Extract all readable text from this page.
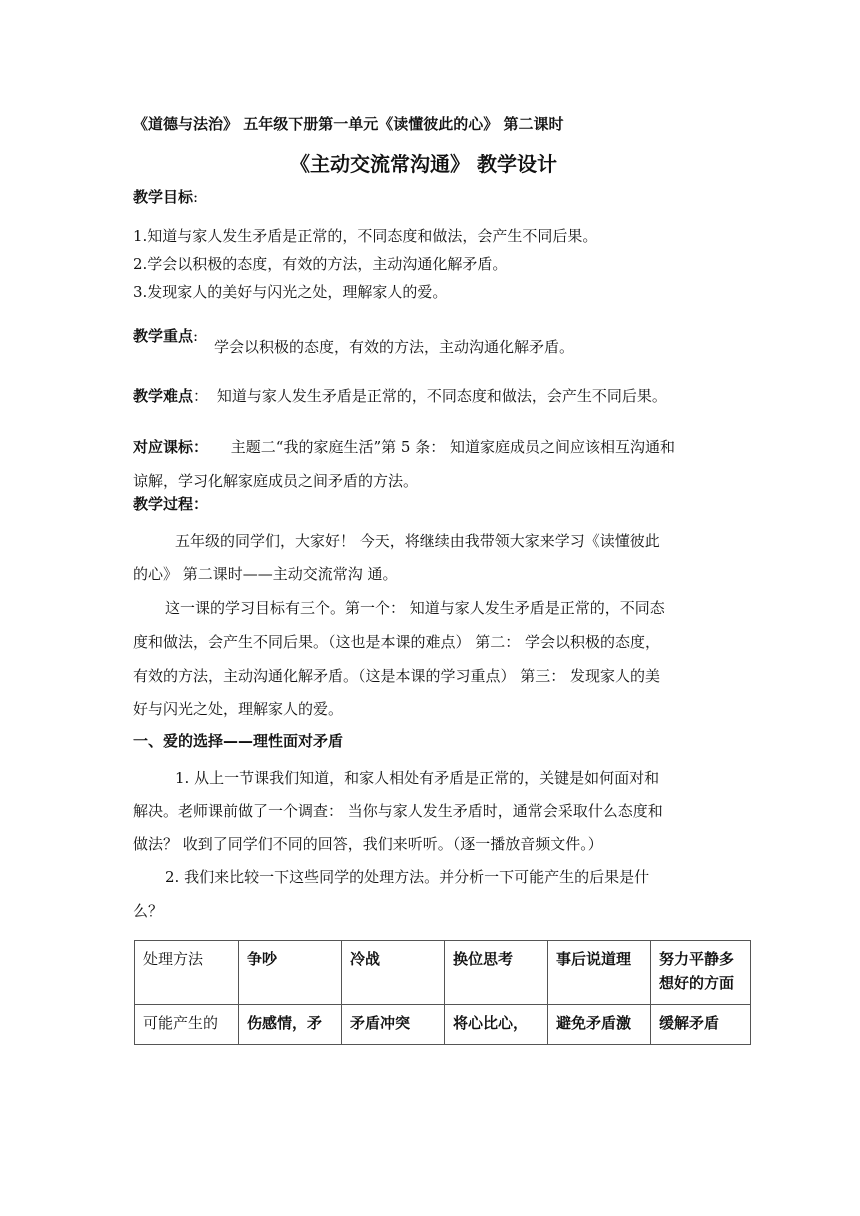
《道德与法治》 五年级下册第一单元《读懂彼此的心》 第二课时
《主动交流常沟通》 教学设计
教学目标:
1.知道与家人发生矛盾是正常的，不同态度和做法，会产生不同后果。
2.学会以积极的态度，有效的方法，主动沟通化解矛盾。
3.发现家人的美好与闪光之处，理解家人的爱。
教学重点:
学会以积极的态度，有效的方法，主动沟通化解矛盾。
教学难点： 知道与家人发生矛盾是正常的，不同态度和做法，会产生不同后果。
对应课标： 主题二“我的家庭生活”第 5 条： 知道家庭成员之间应该相互沟通和
谅解，学习化解家庭成员之间矛盾的方法。
教学过程：
五年级的同学们，大家好！ 今天，将继续由我带领大家来学习《读懂彼此
的心》 第二课时——主动交流常沟 通。
这一课的学习目标有三个。第一个： 知道与家人发生矛盾是正常的，不同态
度和做法，会产生不同后果。（这也是本课的难点） 第二： 学会以积极的态度，
有效的方法，主动沟通化解矛盾。（这是本课的学习重点） 第三： 发现家人的美
好与闪光之处，理解家人的爱。
一、爱的选择——理性面对矛盾
1. 从上一节课我们知道，和家人相处有矛盾是正常的，关键是如何面对和
解决。老师课前做了一个调查： 当你与家人发生矛盾时，通常会采取什么态度和
做法？ 收到了同学们不同的回答，我们来听听。（逐一播放音频文件。）
2. 我们来比较一下这些同学的处理方法。并分析一下可能产生的后果是什
么？
处理方法	争吵	冷战	换位思考	事后说道理	努力平静多想好的方面
可能产生的	伤感情，矛	矛盾冲突	将心比心，	避免矛盾激	缓解矛盾
